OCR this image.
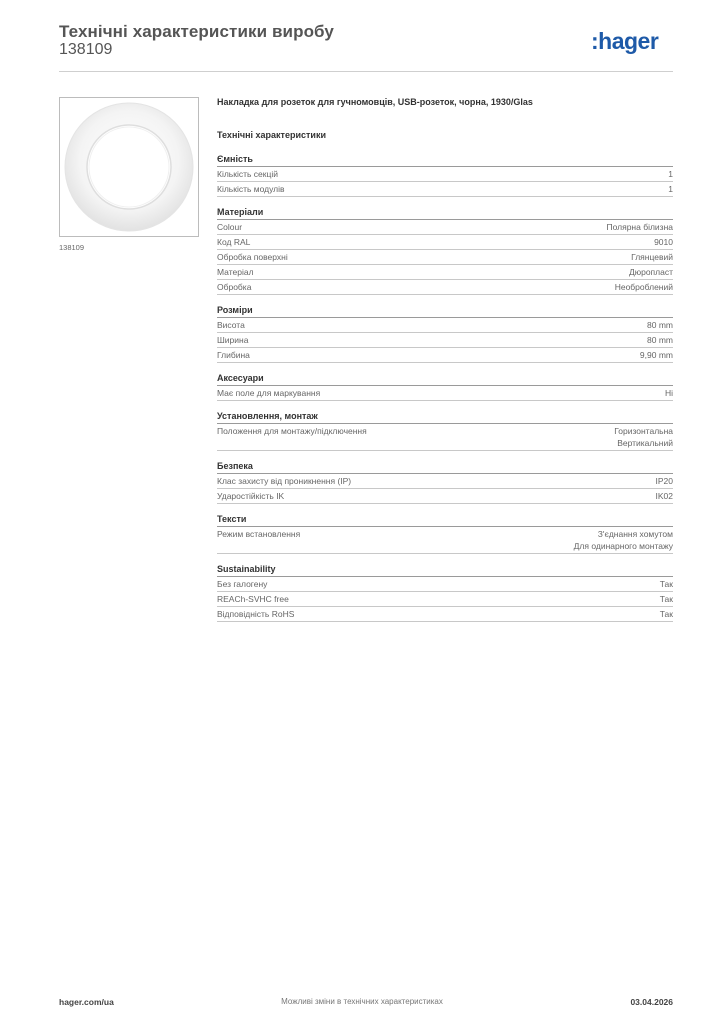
Технічні характеристики виробу
138109	:hager
138109
Накладка для розеток для гучномовців, USB-розеток, чорна, 1930/Glas
Технічні характеристики
Ємність
Кількість секцій	1
Кількість модулів	1
Матеріали
Colour	Полярна білизна
Код RAL	9010
Обробка поверхні	Глянцевий
Матеріал	Дюропласт
Обробка	Необроблений
Розміри
Висота	80 mm
Ширина	80 mm
Глибина	9,90 mm
Аксесуари
Має поле для маркування	Ні
Установлення, монтаж
Положення для монтажу/підключення	Горизонтальна
Вертикальний
Безпека
Клас захисту від проникнення (IP)	IP20
Ударостійкість IK	IK02
Тексти
Режим встановлення	З'єднання хомутом
Для одинарного монтажу
Sustainability
Без галогену	Так
REACh-SVHC free	Так
Відповідність RoHS	Так
hager.com/ua	Можливі зміни в технічних характеристиках	03.04.2026
